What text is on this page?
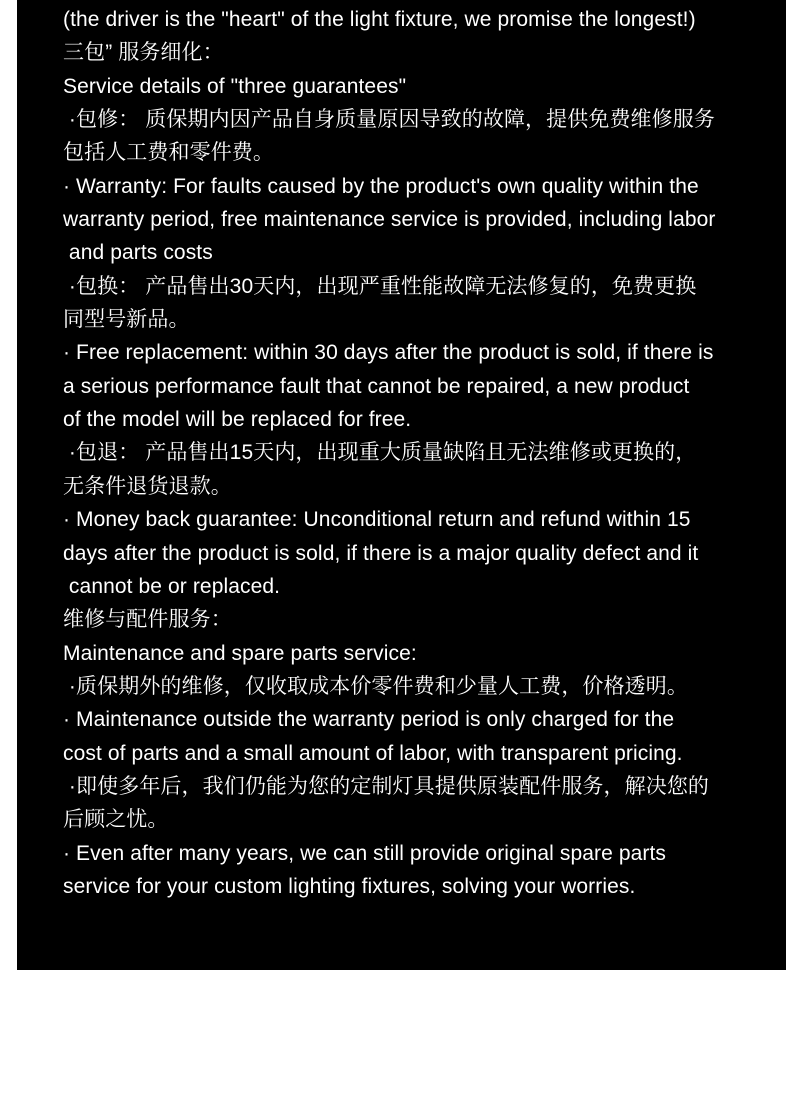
(the driver is the "heart" of the light fixture, we promise the longest!)
三包” 服务细化：
Service details of "three guarantees"
·包修： 质保期内因产品自身质量原因导致的故障，提供免费维修服务
包括人工费和零件费。
· Warranty: For faults caused by the product's own quality within the
warranty period, free maintenance service is provided, including labor
and parts costs
·包换： 产品售出30天内，出现严重性能故障无法修复的，免费更换
同型号新品。
· Free replacement: within 30 days after the product is sold, if there is
a serious performance fault that cannot be repaired, a new product
of the model will be replaced for free.
·包退： 产品售出15天内，出现重大质量缺陷且无法维修或更换的，
无条件退货退款。
· Money back guarantee: Unconditional return and refund within 15
days after the product is sold, if there is a major quality defect and it
cannot be or replaced.
维修与配件服务：
Maintenance and spare parts service:
·质保期外的维修，仅收取成本价零件费和少量人工费，价格透明。
· Maintenance outside the warranty period is only charged for the
cost of parts and a small amount of labor, with transparent pricing.
·即使多年后，我们仍能为您的定制灯具提供原装配件服务，解决您的
后顾之忧。
· Even after many years, we can still provide original spare parts
service for your custom lighting fixtures, solving your worries.
